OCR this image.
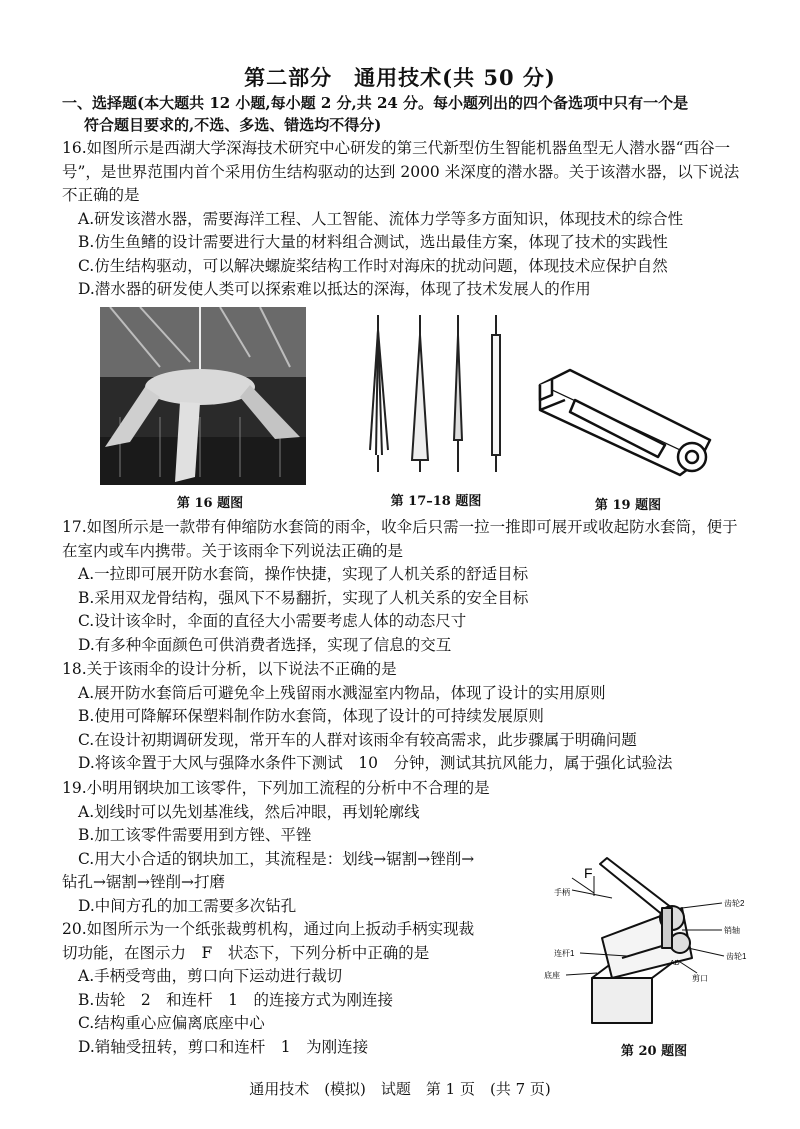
第二部分　通用技术(共 50 分)
一、选择题(本大题共 12 小题,每小题 2 分,共 24 分。每小题列出的四个备选项中只有一个是
符合题目要求的,不选、多选、错选均不得分)
16.如图所示是西湖大学深海技术研究中心研发的第三代新型仿生智能机器鱼型无人潜水器“西谷一号”，是世界范围内首个采用仿生结构驱动的达到 2000 米深度的潜水器。关于该潜水器，以下说法不正确的是
A.研发该潜水器，需要海洋工程、人工智能、流体力学等多方面知识，体现技术的综合性
B.仿生鱼鳍的设计需要进行大量的材料组合测试，选出最佳方案，体现了技术的实践性
C.仿生结构驱动，可以解决螺旋桨结构工作时对海床的扰动问题，体现技术应保护自然
D.潜水器的研发使人类可以探索难以抵达的深海，体现了技术发展人的作用
第 16 题图	第 17–18 题图	第 19 题图
17.如图所示是一款带有伸缩防水套筒的雨伞，收伞后只需一拉一推即可展开或收起防水套筒，便于在室内或车内携带。关于该雨伞下列说法正确的是
A.一拉即可展开防水套筒，操作快捷，实现了人机关系的舒适目标
B.采用双龙骨结构，强风下不易翻折，实现了人机关系的安全目标
C.设计该伞时，伞面的直径大小需要考虑人体的动态尺寸
D.有多种伞面颜色可供消费者选择，实现了信息的交互
18.关于该雨伞的设计分析，以下说法不正确的是
A.展开防水套筒后可避免伞上残留雨水溅湿室内物品，体现了设计的实用原则
B.使用可降解环保塑料制作防水套筒，体现了设计的可持续发展原则
C.在设计初期调研发现，常开车的人群对该雨伞有较高需求，此步骤属于明确问题
D.将该伞置于大风与强降水条件下测试　10　分钟，测试其抗风能力，属于强化试验法
19.小明用钢块加工该零件，下列加工流程的分析中不合理的是
A.划线时可以先划基准线，然后冲眼，再划轮廓线
B.加工该零件需要用到方锉、平锉
C.用大小合适的钢块加工，其流程是：划线→锯割→锉削→
钻孔→锯割→锉削→打磨
D.中间方孔的加工需要多次钻孔
20.如图所示为一个纸张裁剪机构，通过向上扳动手柄实现裁
切功能，在图示力　F　状态下，下列分析中正确的是
A.手柄受弯曲，剪口向下运动进行裁切
B.齿轮　2　和连杆　1　的连接方式为刚连接
C.结构重心应偏离底座中心
D.销轴受扭转，剪口和连杆　1　为刚连接
F
手柄
齿轮2
销轴
连杆1
AD
齿轮1
剪口
底座
第 20 题图
通用技术　(模拟)　试题　第 1 页　(共 7 页)
